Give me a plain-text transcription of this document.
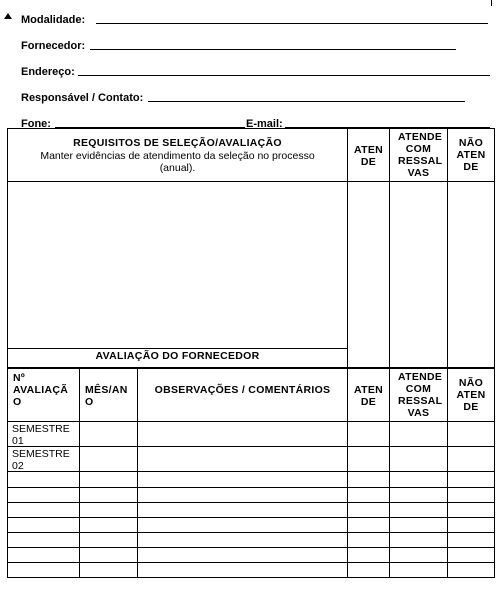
Modalidade:
Fornecedor:
Endereço:
Responsável / Contato:
Fone:	E-mail:
REQUISITOS DE SELEÇÃO/AVALIAÇÃO
Manter evidências de atendimento da seleção no processo (anual).
ATEN DE
ATENDE COM RESSAL VAS
NÃO ATEN DE
AVALIAÇÃO DO FORNECEDOR
Nº AVALIAÇÃ O
MÊS/AN O
OBSERVAÇÕES / COMENTÁRIOS	ATEN DE
ATENDE COM RESSAL VAS
NÃO ATEN DE
SEMESTRE 01
SEMESTRE 02
